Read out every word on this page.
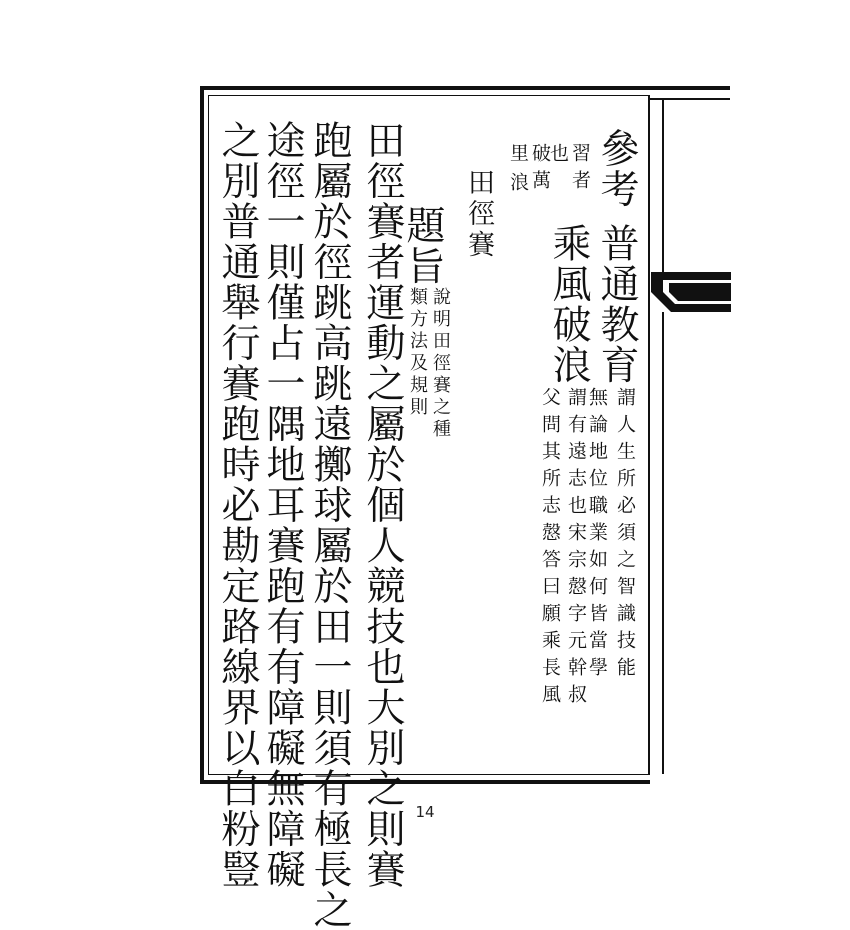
參考
普通教育
謂人生所必須之智識技能
無論地位職業如何皆當學
習者
乘風破浪
謂有遠志也宋宗慤字元幹叔
父問其所志慤答曰願乘長風
也
破萬
里
浪
田徑賽
題旨
說明田徑賽之種
類方法及規則
田徑賽者運動之屬於個人競技也大別之則賽
跑屬於徑跳高跳遠擲球屬於田一則須有極長之
途徑一則僅占一隅地耳賽跑有有障礙無障礙
之別普通舉行賽跑時必勘定路線界以白粉豎	14
